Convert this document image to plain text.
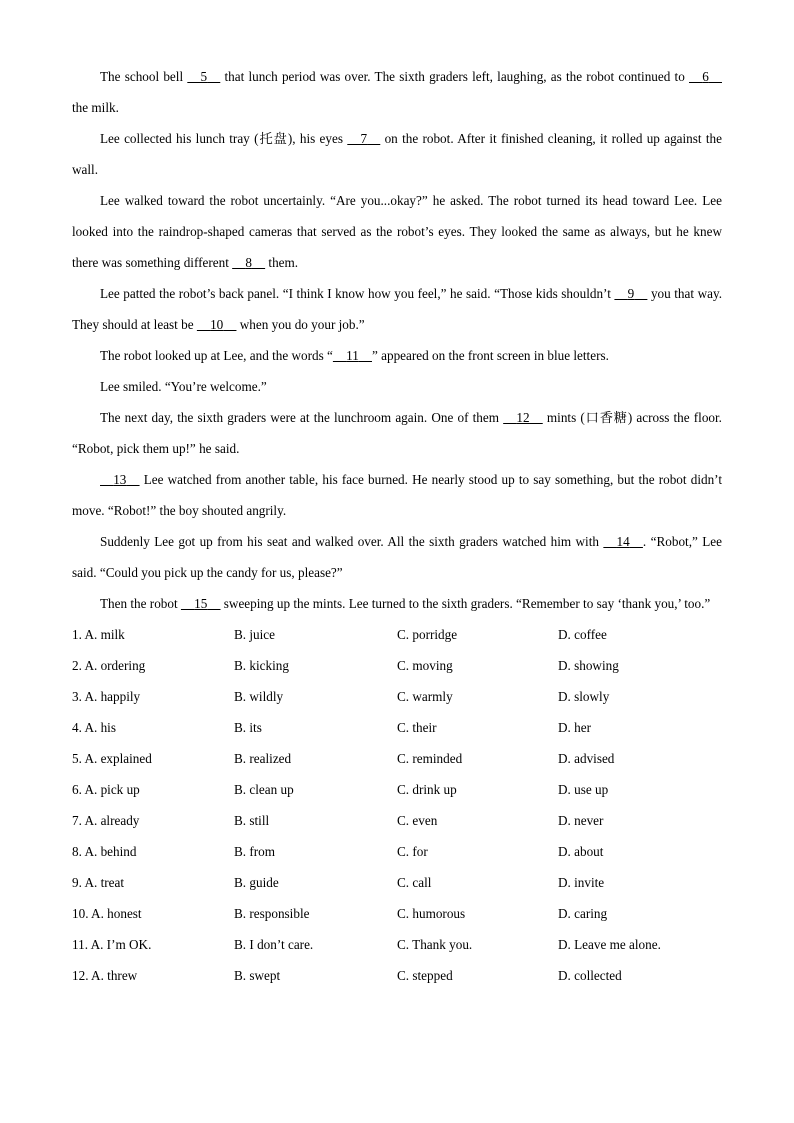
The school bell     5     that lunch period was over. The sixth graders left, laughing, as the robot continued to     6     the milk.

Lee collected his lunch tray (托盘), his eyes     7     on the robot. After it finished cleaning, it rolled up against the wall.

Lee walked toward the robot uncertainly. “Are you...okay?” he asked. The robot turned its head toward Lee. Lee looked into the raindrop-shaped cameras that served as the robot’s eyes. They looked the same as always, but he knew there was something different     8     them.

Lee patted the robot’s back panel. “I think I know how you feel,” he said. “Those kids shouldn’t     9     you that way. They should at least be     10     when you do your job.”

The robot looked up at Lee, and the words “ 11 ” appeared on the front screen in blue letters.

Lee smiled. “You’re welcome.”

The next day, the sixth graders were at the lunchroom again. One of them     12     mints (口香糖) across the floor. “Robot, pick them up!” he said.

13     Lee watched from another table, his face burned. He nearly stood up to say something, but the robot didn’t move. “Robot!” the boy shouted angrily.

Suddenly Lee got up from his seat and walked over. All the sixth graders watched him with     14 . “Robot,” Lee said. “Could you pick up the candy for us, please?”

Then the robot     15     sweeping up the mints. Lee turned to the sixth graders. “Remember to say ‘thank you,’ too.”

1. A. milk	B. juice	C. porridge	D. coffee
2. A. ordering	B. kicking	C. moving	D. showing
3. A. happily	B. wildly	C. warmly	D. slowly
4. A. his	B. its	C. their	D. her
5. A. explained	B. realized	C. reminded	D. advised
6. A. pick up	B. clean up	C. drink up	D. use up
7. A. already	B. still	C. even	D. never
8. A. behind	B. from	C. for	D. about
9. A. treat	B. guide	C. call	D. invite
10. A. honest	B. responsible	C. humorous	D. caring
11. A. I’m OK.	B. I don’t care.	C. Thank you.	D. Leave me alone.
12. A. threw	B. swept	C. stepped	D. collected
